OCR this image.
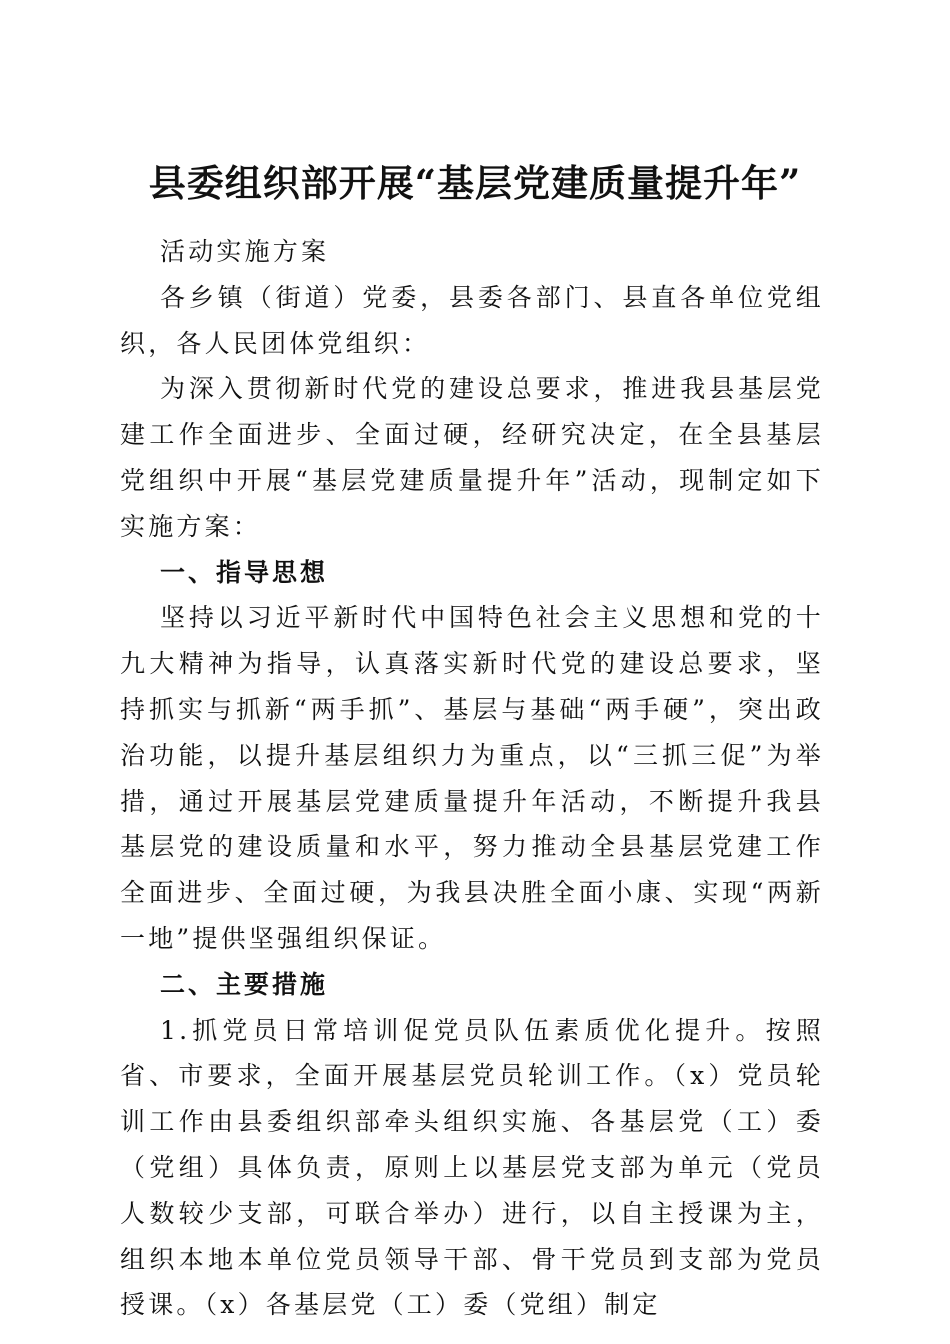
县委组织部开展“基层党建质量提升年”

活动实施方案

各乡镇（街道）党委，县委各部门、县直各单位党组织，各人民团体党组织：

为深入贯彻新时代党的建设总要求，推进我县基层党建工作全面进步、全面过硬，经研究决定，在全县基层党组织中开展“基层党建质量提升年”活动，现制定如下实施方案：

一、指导思想

坚持以习近平新时代中国特色社会主义思想和党的十九大精神为指导，认真落实新时代党的建设总要求，坚持抓实与抓新“两手抓”、基层与基础“两手硬”，突出政治功能，以提升基层组织力为重点，以“三抓三促”为举措，通过开展基层党建质量提升年活动，不断提升我县基层党的建设质量和水平，努力推动全县基层党建工作全面进步、全面过硬，为我县决胜全面小康、实现“两新一地”提供坚强组织保证。

二、主要措施

1.抓党员日常培训促党员队伍素质优化提升。按照省、市要求，全面开展基层党员轮训工作。（x）党员轮训工作由县委组织部牵头组织实施、各基层党（工）委（党组）具体负责，原则上以基层党支部为单元（党员人数较少支部，可联合举办）进行，以自主授课为主，组织本地本单位党员领导干部、骨干党员到支部为党员授课。（x）各基层党（工）委（党组）制定
